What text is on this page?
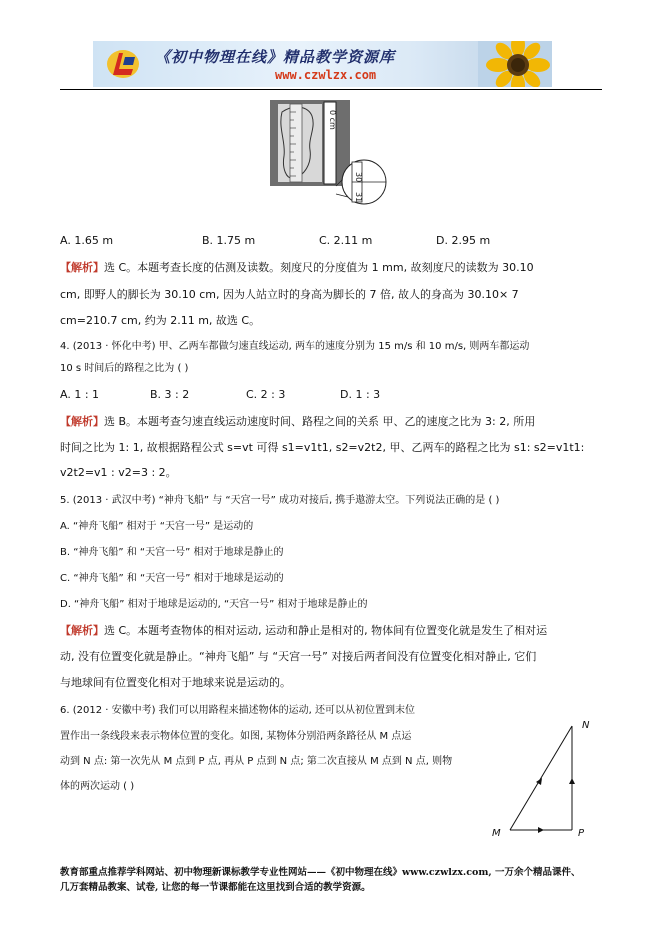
《初中物理在线》精品教学资源库
www.czwlzx.com
0 cm
30
31
A. 1.65 m	B. 1.75 m	C. 2.11 m	D. 2.95 m
【解析】选 C。本题考查长度的估测及读数。刻度尺的分度值为 1 mm, 故刻度尺的读数为 30.10
cm, 即野人的脚长为 30.10 cm, 因为人站立时的身高为脚长的 7 倍, 故人的身高为 30.10× 7
cm=210.7 cm, 约为 2.11 m, 故选 C。
4. (2013 · 怀化中考) 甲、乙两车都做匀速直线运动, 两车的速度分别为 15 m/s 和 10 m/s, 则两车都运动
10 s 时间后的路程之比为 ( )
A. 1 : 1	B. 3 : 2	C. 2 : 3	D. 1 : 3
【解析】选 B。本题考查匀速直线运动速度时间、路程之间的关系 甲、乙的速度之比为 3: 2, 所用
时间之比为 1: 1, 故根据路程公式 s=vt 可得 s1=v1t1, s2=v2t2, 甲、乙两车的路程之比为 s1: s2=v1t1:
v2t2=v1 : v2=3 : 2。
5. (2013 · 武汉中考) “神舟飞船” 与 “天宫一号” 成功对接后, 携手遨游太空。下列说法正确的是 ( )
A. “神舟飞船” 相对于 “天宫一号” 是运动的
B. “神舟飞船” 和 “天宫一号” 相对于地球是静止的
C. “神舟飞船” 和 “天宫一号” 相对于地球是运动的
D. “神舟飞船” 相对于地球是运动的, “天宫一号” 相对于地球是静止的
【解析】选 C。本题考查物体的相对运动, 运动和静止是相对的, 物体间有位置变化就是发生了相对运
动, 没有位置变化就是静止。“神舟飞船” 与 “天宫一号” 对接后两者间没有位置变化相对静止, 它们
与地球间有位置变化相对于地球来说是运动的。
6. (2012 · 安徽中考) 我们可以用路程来描述物体的运动, 还可以从初位置到末位
置作出一条线段来表示物体位置的变化。如图, 某物体分别沿两条路径从 M 点运
动到 N 点: 第一次先从 M 点到 P 点, 再从 P 点到 N 点; 第二次直接从 M 点到 N 点, 则物
体的两次运动 ( )
N
M	P
教育部重点推荐学科网站、初中物理新课标教学专业性网站——《初中物理在线》www.czwlzx.com, 一万余个精品课件、
几万套精品教案、试卷, 让您的每一节课都能在这里找到合适的教学资源。
